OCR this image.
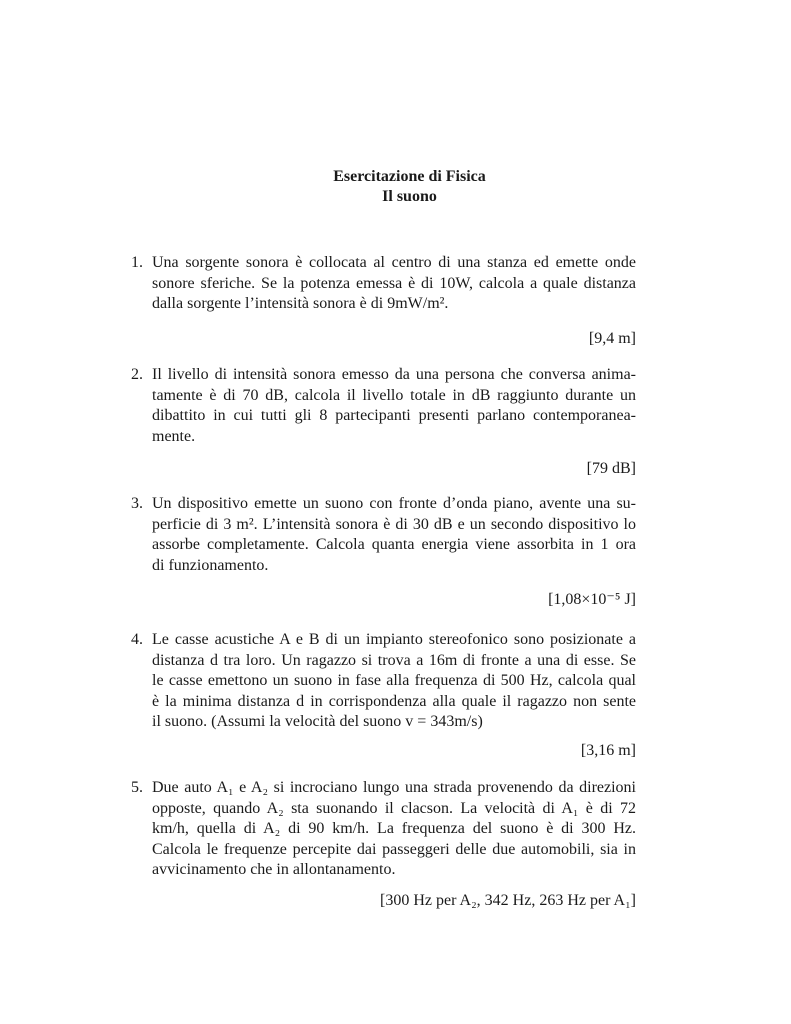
Esercitazione di Fisica
Il suono
1. Una sorgente sonora è collocata al centro di una stanza ed emette onde
sonore sferiche. Se la potenza emessa è di 10W, calcola a quale distanza
dalla sorgente l’intensità sonora è di 9mW/m².
[9,4 m]
2. Il livello di intensità sonora emesso da una persona che conversa anima-
tamente è di 70 dB, calcola il livello totale in dB raggiunto durante un
dibattito in cui tutti gli 8 partecipanti presenti parlano contemporanea-
mente.
[79 dB]
3. Un dispositivo emette un suono con fronte d’onda piano, avente una su-
perficie di 3 m². L’intensità sonora è di 30 dB e un secondo dispositivo lo
assorbe completamente. Calcola quanta energia viene assorbita in 1 ora
di funzionamento.
[1,08×10⁻⁵ J]
4. Le casse acustiche A e B di un impianto stereofonico sono posizionate a
distanza d tra loro. Un ragazzo si trova a 16m di fronte a una di esse. Se
le casse emettono un suono in fase alla frequenza di 500 Hz, calcola qual
è la minima distanza d in corrispondenza alla quale il ragazzo non sente
il suono. (Assumi la velocità del suono v = 343m/s)
[3,16 m]
5. Due auto A₁ e A₂ si incrociano lungo una strada provenendo da direzioni
opposte, quando A₂ sta suonando il clacson. La velocità di A₁ è di 72
km/h, quella di A₂ di 90 km/h. La frequenza del suono è di 300 Hz.
Calcola le frequenze percepite dai passeggeri delle due automobili, sia in
avvicinamento che in allontanamento.
[300 Hz per A₂, 342 Hz, 263 Hz per A₁]
